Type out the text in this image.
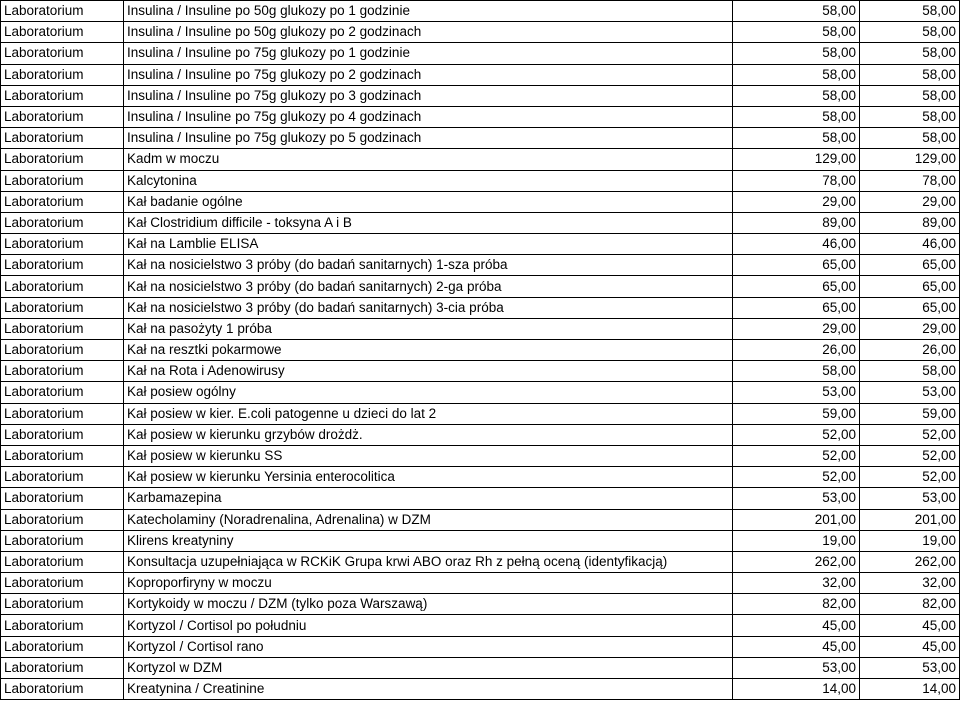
Laboratorium	Insulina / Insuline po 50g glukozy po 1 godzinie	58,00	58,00
Laboratorium	Insulina / Insuline po 50g glukozy po 2 godzinach	58,00	58,00
Laboratorium	Insulina / Insuline po 75g glukozy po 1 godzinie	58,00	58,00
Laboratorium	Insulina / Insuline po 75g glukozy po 2 godzinach	58,00	58,00
Laboratorium	Insulina / Insuline po 75g glukozy po 3 godzinach	58,00	58,00
Laboratorium	Insulina / Insuline po 75g glukozy po 4 godzinach	58,00	58,00
Laboratorium	Insulina / Insuline po 75g glukozy po 5 godzinach	58,00	58,00
Laboratorium	Kadm w moczu	129,00	129,00
Laboratorium	Kalcytonina	78,00	78,00
Laboratorium	Kał badanie ogólne	29,00	29,00
Laboratorium	Kał Clostridium difficile - toksyna A i B	89,00	89,00
Laboratorium	Kał na Lamblie ELISA	46,00	46,00
Laboratorium	Kał na nosicielstwo 3 próby (do badań sanitarnych) 1-sza próba	65,00	65,00
Laboratorium	Kał na nosicielstwo 3 próby (do badań sanitarnych) 2-ga próba	65,00	65,00
Laboratorium	Kał na nosicielstwo 3 próby (do badań sanitarnych) 3-cia próba	65,00	65,00
Laboratorium	Kał na pasożyty 1 próba	29,00	29,00
Laboratorium	Kał na resztki pokarmowe	26,00	26,00
Laboratorium	Kał na Rota i Adenowirusy	58,00	58,00
Laboratorium	Kał posiew ogólny	53,00	53,00
Laboratorium	Kał posiew w kier. E.coli patogenne u dzieci do lat 2	59,00	59,00
Laboratorium	Kał posiew w kierunku grzybów drożdż.	52,00	52,00
Laboratorium	Kał posiew w kierunku SS	52,00	52,00
Laboratorium	Kał posiew w kierunku Yersinia enterocolitica	52,00	52,00
Laboratorium	Karbamazepina	53,00	53,00
Laboratorium	Katecholaminy (Noradrenalina, Adrenalina) w DZM	201,00	201,00
Laboratorium	Klirens kreatyniny	19,00	19,00
Laboratorium	Konsultacja uzupełniająca w RCKiK Grupa krwi ABO oraz Rh z pełną oceną (identyfikacją)	262,00	262,00
Laboratorium	Koproporfiryny w moczu	32,00	32,00
Laboratorium	Kortykoidy w moczu / DZM (tylko poza Warszawą)	82,00	82,00
Laboratorium	Kortyzol / Cortisol po południu	45,00	45,00
Laboratorium	Kortyzol / Cortisol rano	45,00	45,00
Laboratorium	Kortyzol w DZM	53,00	53,00
Laboratorium	Kreatynina / Creatinine	14,00	14,00
